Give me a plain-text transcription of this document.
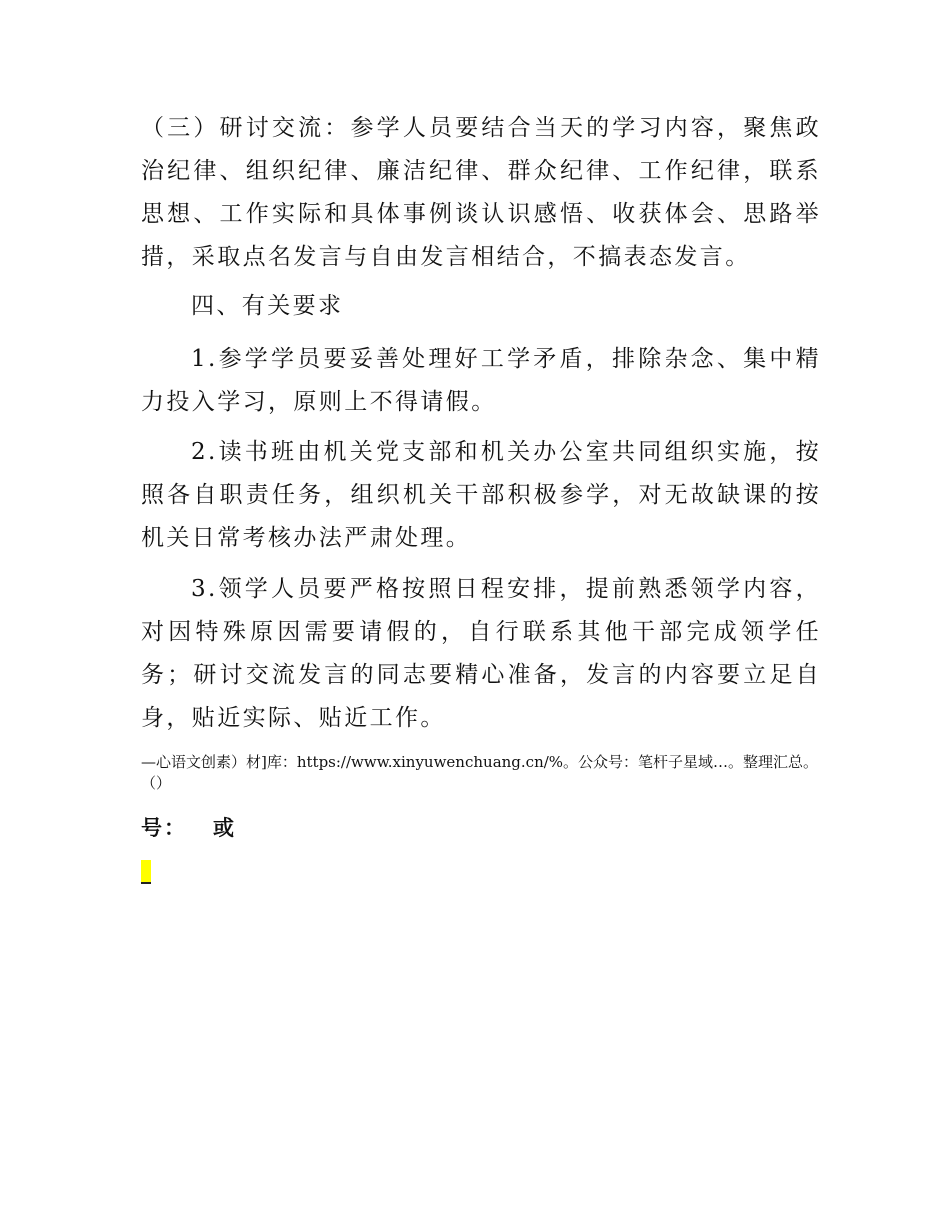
（三）研讨交流：参学人员要结合当天的学习内容，聚焦政治纪律、组织纪律、廉洁纪律、群众纪律、工作纪律，联系思想、工作实际和具体事例谈认识感悟、收获体会、思路举措，采取点名发言与自由发言相结合，不搞表态发言。

四、有关要求

1.参学学员要妥善处理好工学矛盾，排除杂念、集中精力投入学习，原则上不得请假。

2.读书班由机关党支部和机关办公室共同组织实施，按照各自职责任务，组织机关干部积极参学，对无故缺课的按机关日常考核办法严肃处理。

3.领学人员要严格按照日程安排，提前熟悉领学内容，对因特殊原因需要请假的，自行联系其他干部完成领学任务；研讨交流发言的同志要精心准备，发言的内容要立足自身，贴近实际、贴近工作。

—心语文创素）材]库：https://www.xinyuwenchuang.cn/%。公众号：笔杆子星域…。整理汇总。 （）

号： 或
